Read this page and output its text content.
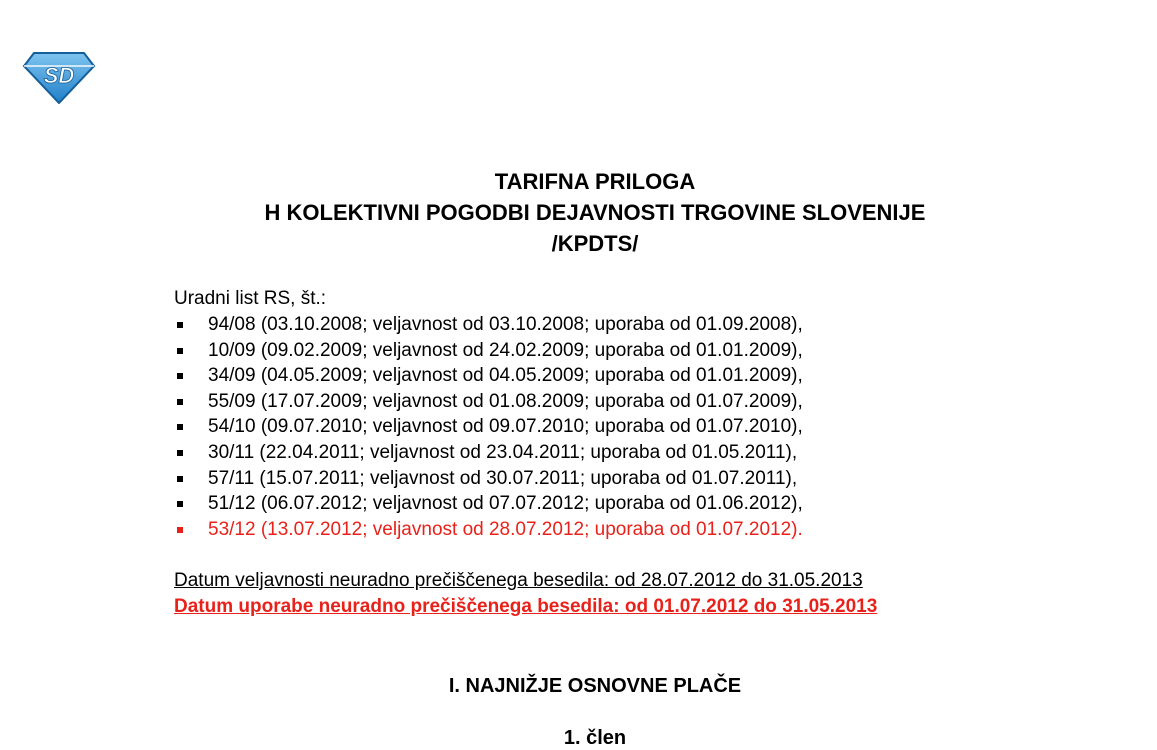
SD
TARIFNA PRILOGA
H KOLEKTIVNI POGODBI DEJAVNOSTI TRGOVINE SLOVENIJE
/KPDTS/
Uradni list RS, št.:
94/08 (03.10.2008; veljavnost od 03.10.2008; uporaba od 01.09.2008),
10/09 (09.02.2009; veljavnost od 24.02.2009; uporaba od 01.01.2009),
34/09 (04.05.2009; veljavnost od 04.05.2009; uporaba od 01.01.2009),
55/09 (17.07.2009; veljavnost od 01.08.2009; uporaba od 01.07.2009),
54/10 (09.07.2010; veljavnost od 09.07.2010; uporaba od 01.07.2010),
30/11 (22.04.2011; veljavnost od 23.04.2011; uporaba od 01.05.2011),
57/11 (15.07.2011; veljavnost od 30.07.2011; uporaba od 01.07.2011),
51/12 (06.07.2012; veljavnost od 07.07.2012; uporaba od 01.06.2012),
53/12 (13.07.2012; veljavnost od 28.07.2012; uporaba od 01.07.2012).
Datum veljavnosti neuradno prečiščenega besedila: od 28.07.2012 do 31.05.2013
Datum uporabe neuradno prečiščenega besedila: od 01.07.2012 do 31.05.2013
I. NAJNIŽJE OSNOVNE PLAČE
1. člen
